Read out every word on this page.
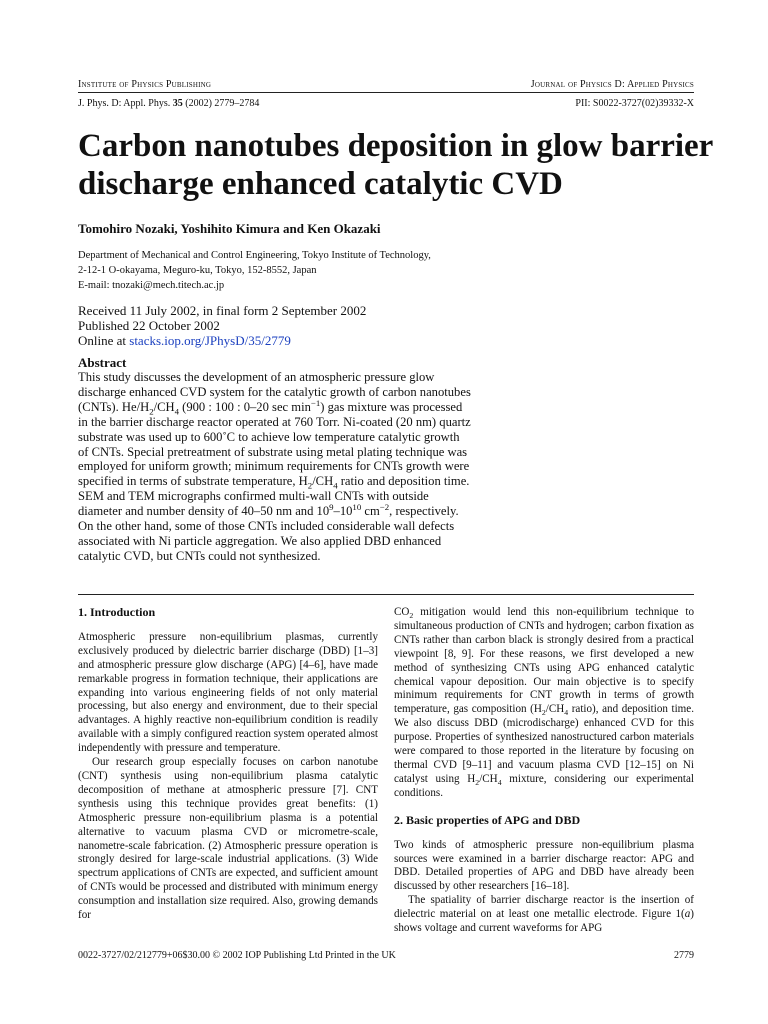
Institute of Physics Publishing	Journal of Physics D: Applied Physics
J. Phys. D: Appl. Phys. 35 (2002) 2779–2784	PII: S0022-3727(02)39332-X
Carbon nanotubes deposition in glow barrier discharge enhanced catalytic CVD
Tomohiro Nozaki, Yoshihito Kimura and Ken Okazaki
Department of Mechanical and Control Engineering, Tokyo Institute of Technology,
2-12-1 O-okayama, Meguro-ku, Tokyo, 152-8552, Japan
E-mail: tnozaki@mech.titech.ac.jp
Received 11 July 2002, in final form 2 September 2002
Published 22 October 2002
Online at stacks.iop.org/JPhysD/35/2779
Abstract
This study discusses the development of an atmospheric pressure glow discharge enhanced CVD system for the catalytic growth of carbon nanotubes (CNTs). $He/H_2/CH_4$ (900 : 100 : 0–20 $\sec \min^{-1}$) gas mixture was processed in the barrier discharge reactor operated at 760 Torr. Ni-coated (20 nm) quartz substrate was used up to 600˚C to achieve low temperature catalytic growth of CNTs. Special pretreatment of substrate using metal plating technique was employed for uniform growth; minimum requirements for CNTs growth were specified in terms of substrate temperature, $H_2/CH_4$ ratio and deposition time. SEM and TEM micrographs confirmed multi-wall CNTs with outside diameter and number density of 40–50 nm and $10^9-10^{10}$ $cm^{-2}$, respectively. On the other hand, some of those CNTs included considerable wall defects associated with Ni particle aggregation. We also applied DBD enhanced catalytic CVD, but CNTs could not synthesized.

1. Introduction

Atmospheric pressure non-equilibrium plasmas, currently exclusively produced by dielectric barrier discharge (DBD) [1–3] and atmospheric pressure glow discharge (APG) [4–6], have made remarkable progress in formation technique, their applications are expanding into various engineering fields of not only material processing, but also energy and environment, due to their special advantages. A highly reactive non-equilibrium condition is readily available with a simply configured reaction system operated almost independently with pressure and temperature.

Our research group especially focuses on carbon nanotube (CNT) synthesis using non-equilibrium plasma catalytic decomposition of methane at atmospheric pressure [7]. CNT synthesis using this technique provides great benefits: (1) Atmospheric pressure non-equilibrium plasma is a potential alternative to vacuum plasma CVD or micrometre-scale, nanometre-scale fabrication. (2) Atmospheric pressure operation is strongly desired for large-scale industrial applications. (3) Wide spectrum applications of CNTs are expected, and sufficient amount of CNTs would be processed and distributed with minimum energy consumption and installation size required. Also, growing demands for

$CO_2$ mitigation would lend this non-equilibrium technique to simultaneous production of CNTs and hydrogen; carbon fixation as CNTs rather than carbon black is strongly desired from a practical viewpoint [8, 9]. For these reasons, we first developed a new method of synthesizing CNTs using APG enhanced catalytic chemical vapour deposition. Our main objective is to specify minimum requirements for CNT growth in terms of growth temperature, gas composition ($H_2/CH_4$ ratio), and deposition time. We also discuss DBD (microdischarge) enhanced CVD for this purpose. Properties of synthesized nanostructured carbon materials were compared to those reported in the literature by focusing on thermal CVD [9–11] and vacuum plasma CVD [12–15] on Ni catalyst using $H_2/CH_4$ mixture, considering our experimental conditions.

2. Basic properties of APG and DBD

Two kinds of atmospheric pressure non-equilibrium plasma sources were examined in a barrier discharge reactor: APG and DBD. Detailed properties of APG and DBD have already been discussed by other researchers [16–18].

The spatiality of barrier discharge reactor is the insertion of dielectric material on at least one metallic electrode. Figure 1(a) shows voltage and current waveforms for APG

0022-3727/02/212779+06$30.00 © 2002 IOP Publishing Ltd Printed in the UK	2779
